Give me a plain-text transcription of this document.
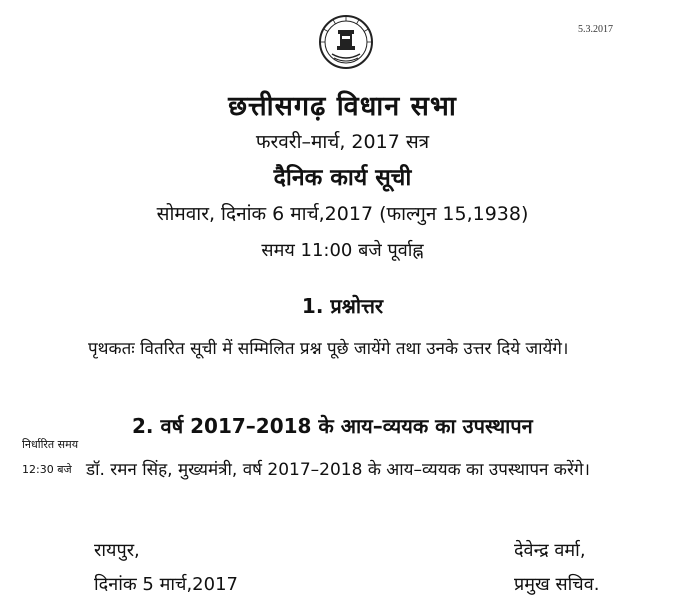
5.3.2017
छत्तीसगढ़ विधान सभा
फरवरी–मार्च, 2017 सत्र
दैनिक कार्य सूची
सोमवार, दिनांक 6 मार्च,2017 (फाल्गुन 15,1938)
समय 11:00 बजे पूर्वाह्न
1. प्रश्नोत्तर
पृथकतः वितरित सूची में सम्मिलित प्रश्न पूछे जायेंगे तथा उनके उत्तर दिये जायेंगे।
2. वर्ष 2017–2018 के आय–व्ययक का उपस्थापन
निर्धारित समय
12:30 बजे डॉ. रमन सिंह, मुख्यमंत्री, वर्ष 2017–2018 के आय–व्ययक का उपस्थापन करेंगे।
रायपुर,
दिनांक 5 मार्च,2017
देवेन्द्र वर्मा,
प्रमुख सचिव.
